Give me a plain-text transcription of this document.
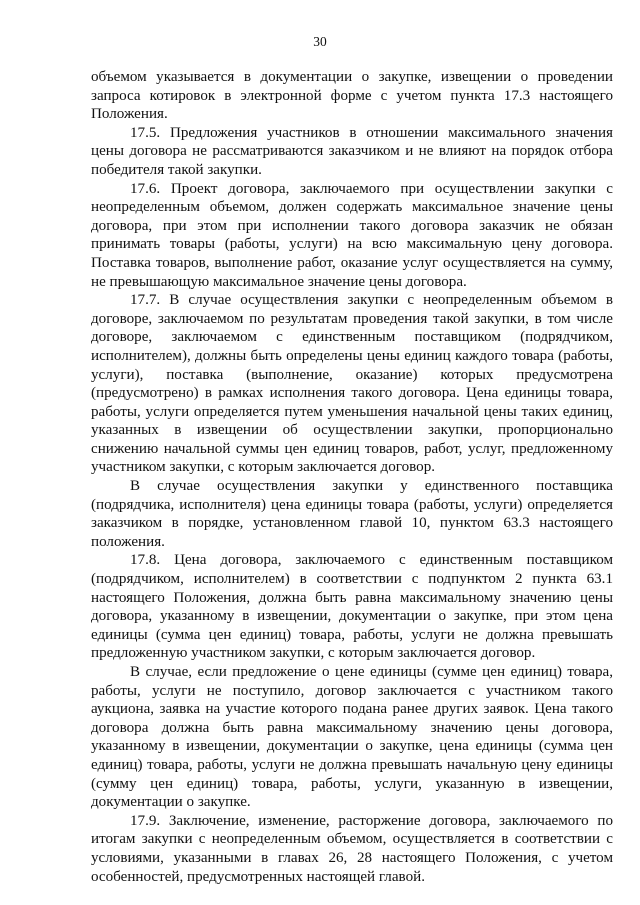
30

объемом указывается в документации о закупке, извещении о проведении запроса котировок в электронной форме с учетом пункта 17.3 настоящего Положения.

17.5. Предложения участников в отношении максимального значения цены договора не рассматриваются заказчиком и не влияют на порядок отбора победителя такой закупки.

17.6. Проект договора, заключаемого при осуществлении закупки с неопределенным объемом, должен содержать максимальное значение цены договора, при этом при исполнении такого договора заказчик не обязан принимать товары (работы, услуги) на всю максимальную цену договора. Поставка товаров, выполнение работ, оказание услуг осуществляется на сумму, не превышающую максимальное значение цены договора.

17.7. В случае осуществления закупки с неопределенным объемом в договоре, заключаемом по результатам проведения такой закупки, в том числе договоре, заключаемом с единственным поставщиком (подрядчиком, исполнителем), должны быть определены цены единиц каждого товара (работы, услуги), поставка (выполнение, оказание) которых предусмотрена (предусмотрено) в рамках исполнения такого договора. Цена единицы товара, работы, услуги определяется путем уменьшения начальной цены таких единиц, указанных в извещении об осуществлении закупки, пропорционально снижению начальной суммы цен единиц товаров, работ, услуг, предложенному участником закупки, с которым заключается договор.

В случае осуществления закупки у единственного поставщика (подрядчика, исполнителя) цена единицы товара (работы, услуги) определяется заказчиком в порядке, установленном главой 10, пунктом 63.3 настоящего положения.

17.8. Цена договора, заключаемого с единственным поставщиком (подрядчиком, исполнителем) в соответствии с подпунктом 2 пункта 63.1 настоящего Положения, должна быть равна максимальному значению цены договора, указанному в извещении, документации о закупке, при этом цена единицы (сумма цен единиц) товара, работы, услуги не должна превышать предложенную участником закупки, с которым заключается договор.

В случае, если предложение о цене единицы (сумме цен единиц) товара, работы, услуги не поступило, договор заключается с участником такого аукциона, заявка на участие которого подана ранее других заявок. Цена такого договора должна быть равна максимальному значению цены договора, указанному в извещении, документации о закупке, цена единицы (сумма цен единиц) товара, работы, услуги не должна превышать начальную цену единицы (сумму цен единиц) товара, работы, услуги, указанную в извещении, документации о закупке.

17.9. Заключение, изменение, расторжение договора, заключаемого по итогам закупки с неопределенным объемом, осуществляется в соответствии с условиями, указанными в главах 26, 28 настоящего Положения, с учетом особенностей, предусмотренных настоящей главой.
